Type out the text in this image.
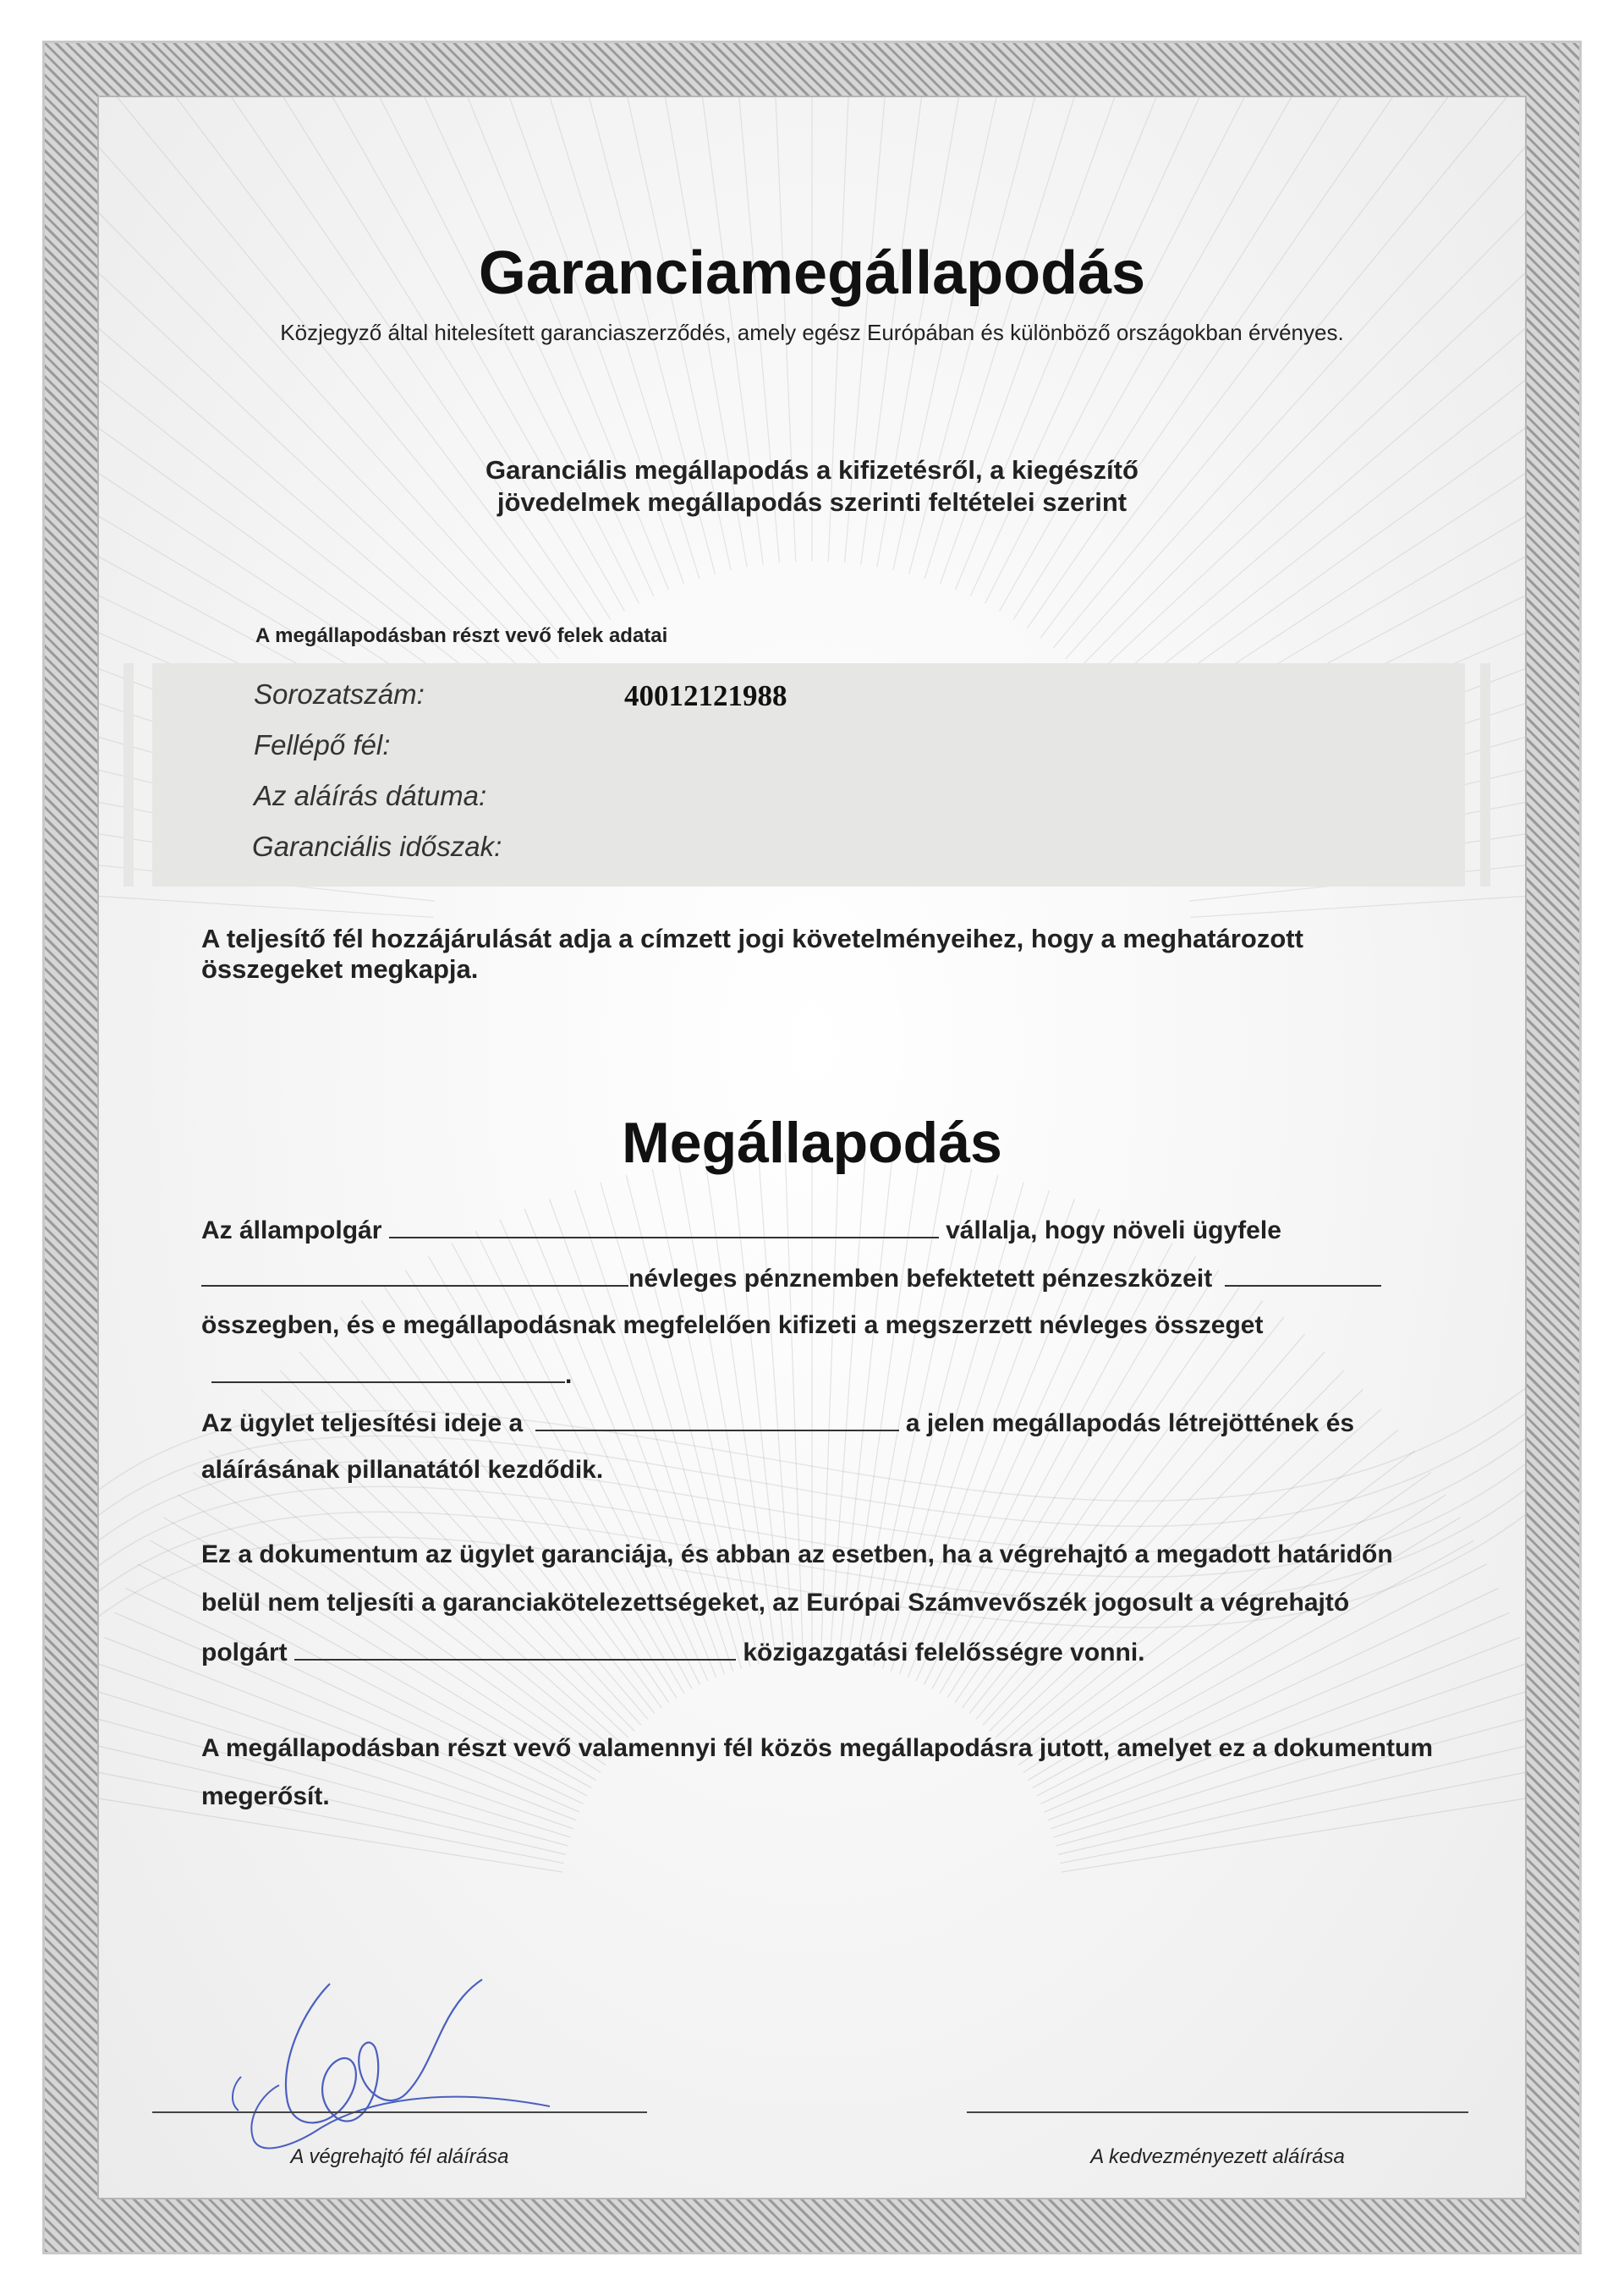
Garanciamegállapodás
Közjegyző által hitelesített garanciaszerződés, amely egész Európában és különböző országokban érvényes.
Garanciális megállapodás a kifizetésről, a kiegészítő
jövedelmek megállapodás szerinti feltételei szerint
A megállapodásban részt vevő felek adatai
Sorozatszám:	40012121988
Fellépő fél:
Az aláírás dátuma:
Garanciális időszak:
A teljesítő fél hozzájárulását adja a címzett jogi követelményeihez, hogy a meghatározott
összegeket megkapja.
Megállapodás
Az állampolgár	vállalja, hogy növeli ügyfele
névleges pénznemben befektetett pénzeszközeit
összegben, és e megállapodásnak megfelelően kifizeti a megszerzett névleges összeget
.
Az ügylet teljesítési ideje a	a jelen megállapodás létrejöttének és
aláírásának pillanatától kezdődik.
Ez a dokumentum az ügylet garanciája, és abban az esetben, ha a végrehajtó a megadott határidőn
belül nem teljesíti a garanciakötelezettségeket, az Európai Számvevőszék jogosult a végrehajtó
polgárt	közigazgatási felelősségre vonni.
A megállapodásban részt vevő valamennyi fél közös megállapodásra jutott, amelyet ez a dokumentum
megerősít.
A végrehajtó fél aláírása	A kedvezményezett aláírása
